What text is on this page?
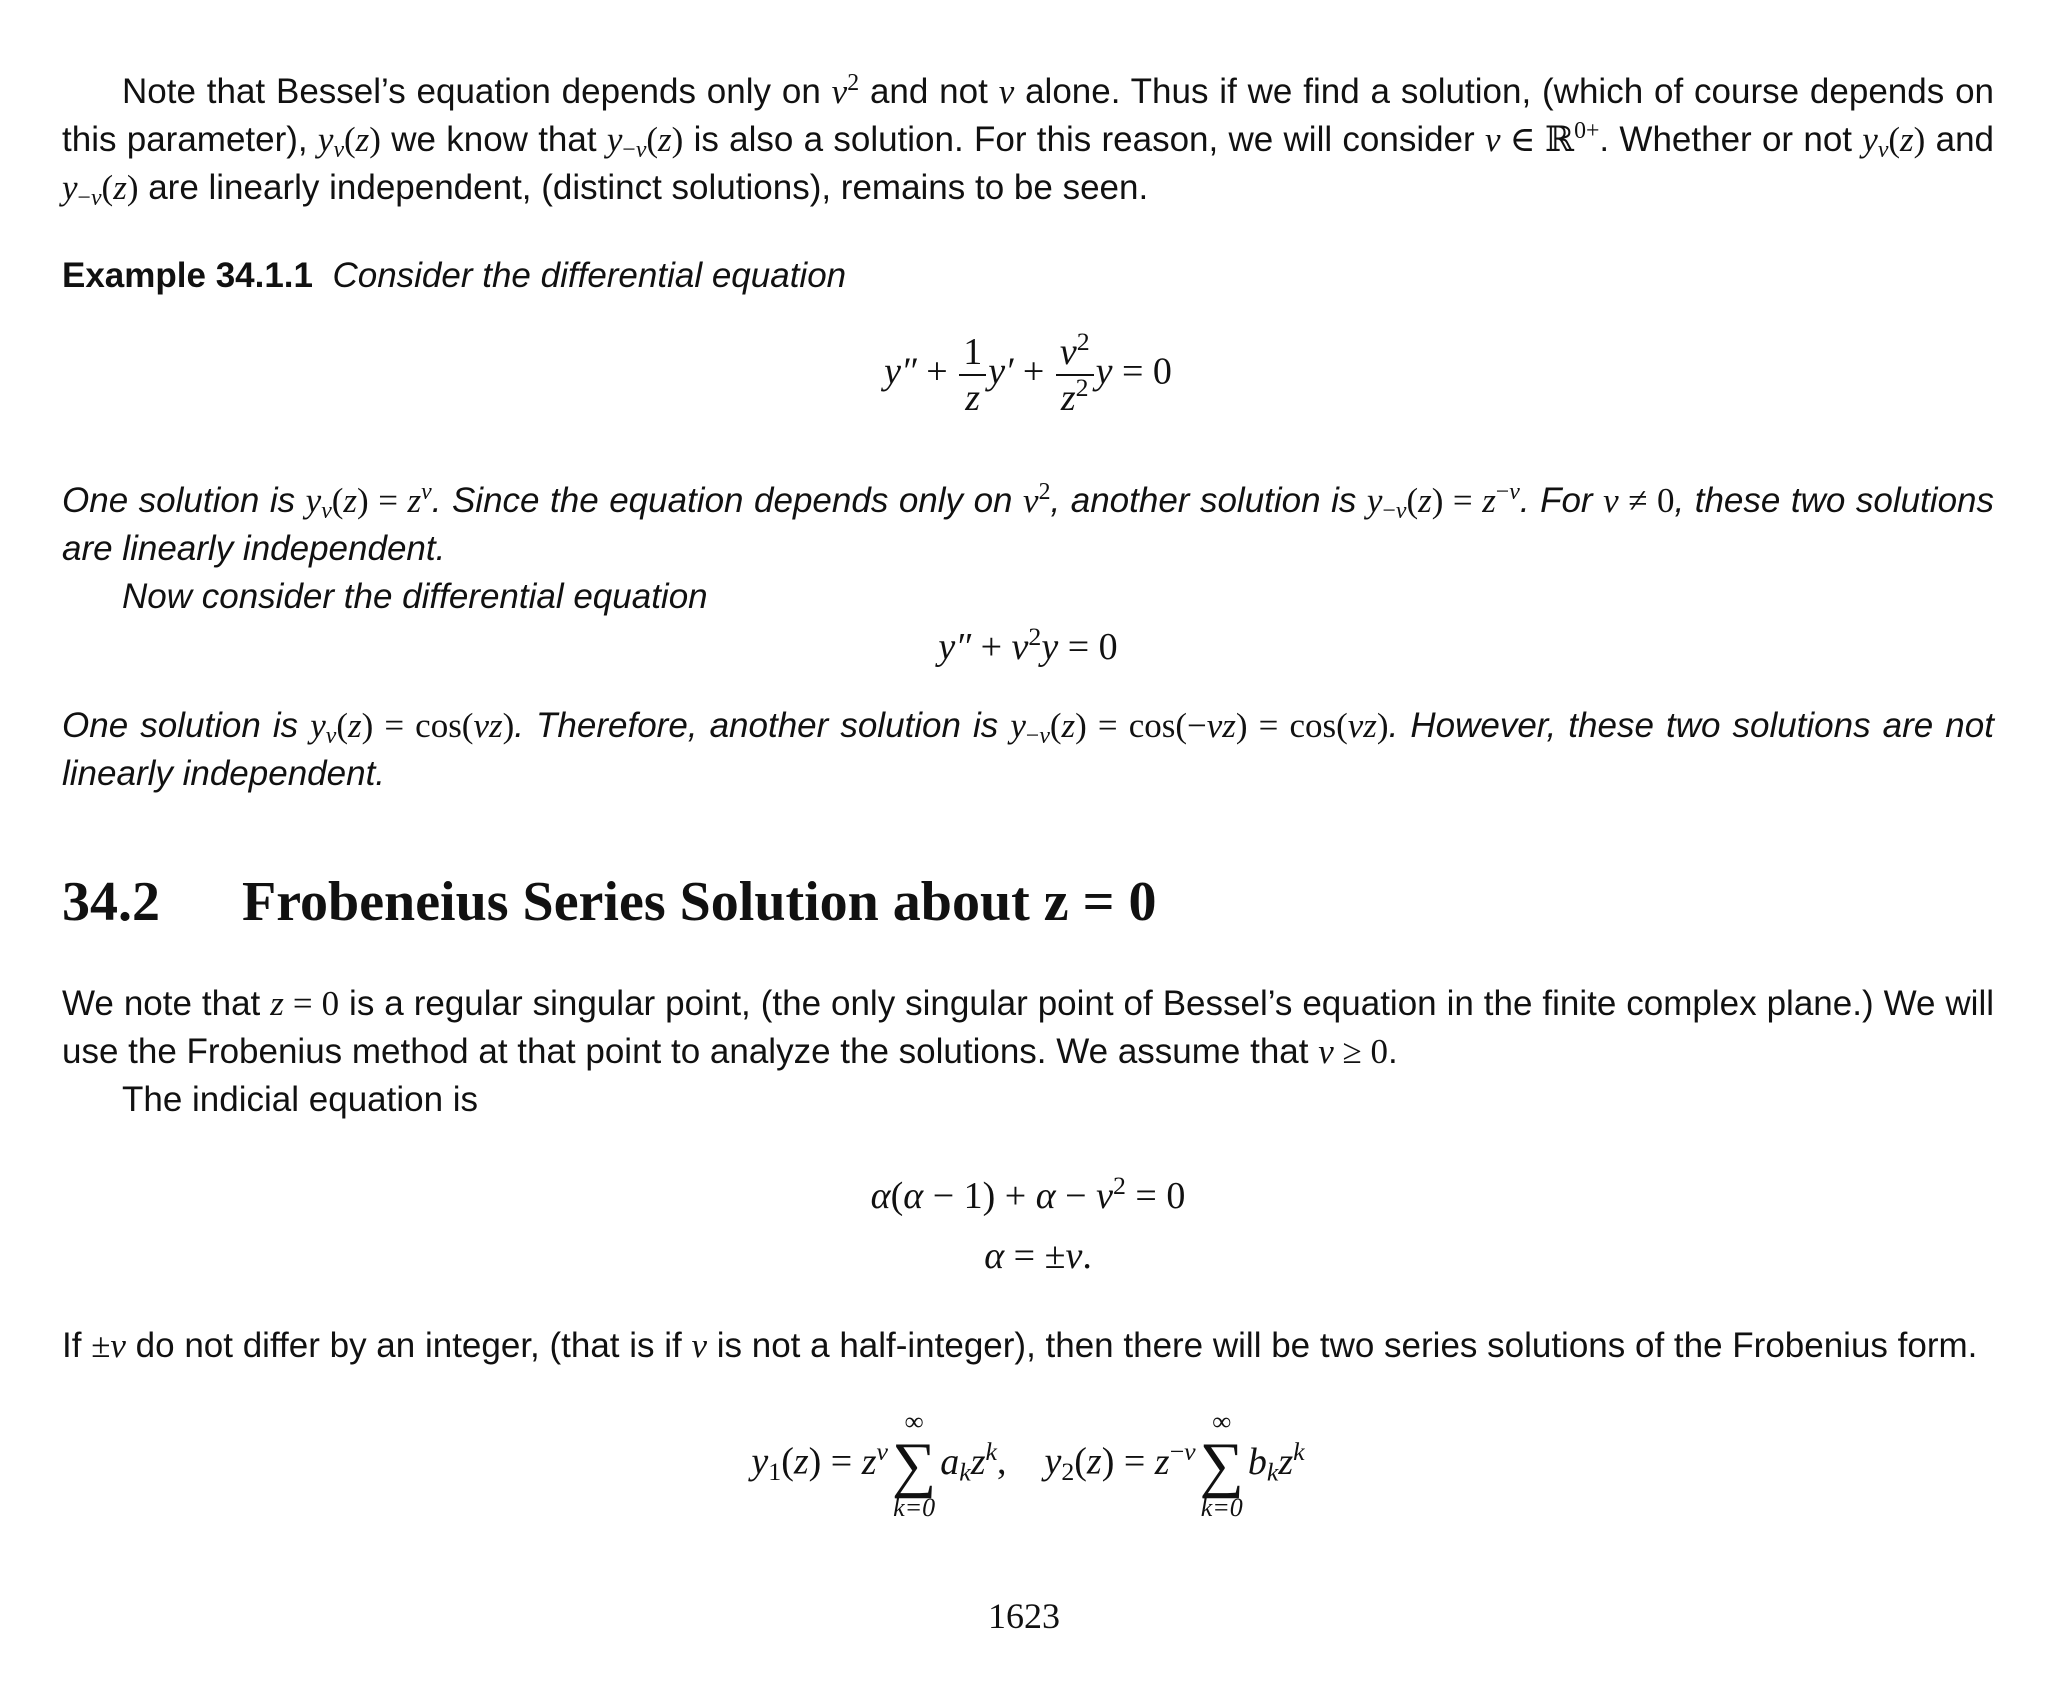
Note that Bessel’s equation depends only on $\nu^2$ and not ν alone. Thus if we find a solution, (which of course depends on this parameter), $y_\nu(z)$ we know that $y_{-\nu}(z)$ is also a solution. For this reason, we will consider ν ∈ ℝ$^{0+}$. Whether or not $y_\nu(z)$ and $y_{-\nu}(z)$ are linearly independent, (distinct solutions), remains to be seen.

Example 34.1.1 Consider the differential equation

$y'' + \frac{1}{z} y' + \frac{\nu^2}{z^2}$ y = 0

One solution is $y_\nu(z) = z^\nu$. Since the equation depends only on $\nu^2$, another solution is $y_{-\nu}(z) = z^{-\nu}$. For ν ≠ 0, these two solutions are linearly independent.

Now consider the differential equation

$y'' + \nu^2y = 0$

One solution is $y_\nu(z) = \cos(\nu z)$. Therefore, another solution is $y_{-\nu}(z) = \cos(-\nu z) = \cos(\nu z)$. However, these two solutions are not linearly independent.

34.2 Frobeneius Series Solution about z = 0

We note that z = 0 is a regular singular point, (the only singular point of Bessel’s equation in the finite complex plane.) We will use the Frobenius method at that point to analyze the solutions. We assume that ν ≥ 0.

The indicial equation is

$\alpha(\alpha - 1) + \alpha - \nu^2 = 0$
α = ±ν.

If ±ν do not differ by an integer, (that is if ν is not a half-integer), then there will be two series solutions of the Frobenius form.

$y_1(z) = z^\nu$
∞
∑
k=0
$a_kz^k$,    $y_2(z) = z^{-\nu}$
∞
∑
k=0
$b_kz^k$
1623
